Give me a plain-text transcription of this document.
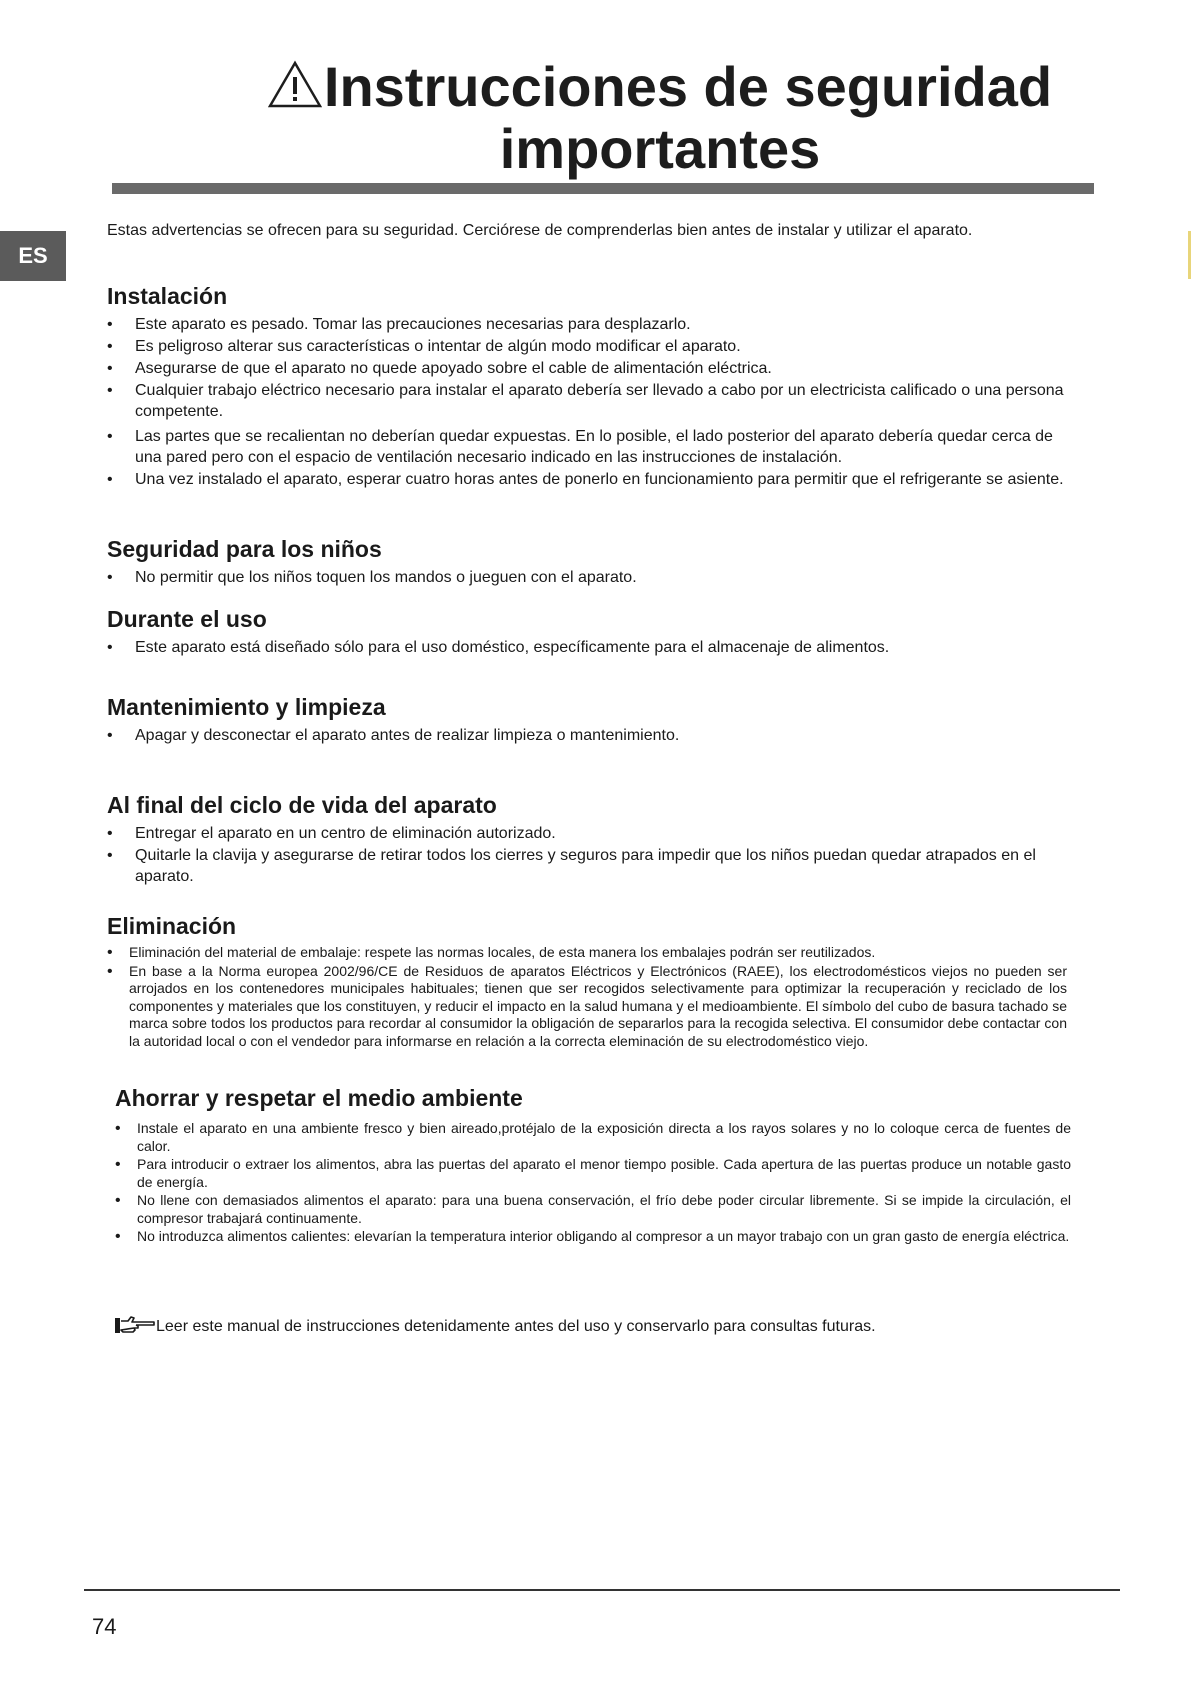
Instrucciones de seguridad
importantes
ES
Estas advertencias se ofrecen para su seguridad. Cerciórese de comprenderlas bien antes de instalar y utilizar el aparato.
Instalación
• Este aparato es pesado. Tomar las precauciones necesarias para desplazarlo.
• Es peligroso alterar sus características o intentar de algún modo modificar el aparato.
• Asegurarse de que el aparato no quede apoyado sobre el cable de alimentación eléctrica.
• Cualquier trabajo eléctrico necesario para instalar el aparato debería ser llevado a cabo por un electricista calificado o una persona competente.
• Las partes que se recalientan no deberían quedar expuestas. En lo posible, el lado posterior del aparato debería quedar cerca de una pared pero con el espacio de ventilación necesario indicado en las instrucciones de instalación.
• Una vez instalado el aparato, esperar cuatro horas antes de ponerlo en funcionamiento para permitir que el refrigerante se asiente.
Seguridad para los niños
• No permitir que los niños toquen los mandos o jueguen con el aparato.
Durante el uso
• Este aparato está diseñado sólo para el uso doméstico, específicamente para el almacenaje de alimentos.
Mantenimiento y limpieza
• Apagar y desconectar el aparato antes de realizar limpieza o mantenimiento.
Al final del ciclo de vida del aparato
• Entregar el aparato en un centro de eliminación autorizado.
• Quitarle la clavija y asegurarse de retirar todos los cierres y seguros para impedir que los niños puedan quedar atrapados en el aparato.
Eliminación
• Eliminación del material de embalaje: respete las normas locales, de esta manera los embalajes podrán ser reutilizados.
• En base a la Norma europea 2002/96/CE de Residuos de aparatos Eléctricos y Electrónicos (RAEE), los electrodomésticos viejos no pueden ser arrojados en los contenedores municipales habituales; tienen que ser recogidos selectivamente para optimizar la recuperación y reciclado de los componentes y materiales que los constituyen, y reducir el impacto en la salud humana y el medioambiente. El símbolo del cubo de basura tachado se marca sobre todos los productos para recordar al consumidor la obligación de separarlos para la recogida selectiva. El consumidor debe contactar con la autoridad local o con el vendedor para informarse en relación a la correcta eleminación de su electrodoméstico viejo.
Ahorrar y respetar el medio ambiente
• Instale el aparato en una ambiente fresco y bien aireado,protéjalo de la exposición directa a los rayos solares y no lo coloque cerca de fuentes de calor.
• Para introducir o extraer los alimentos, abra las puertas del aparato el menor tiempo posible. Cada apertura de las puertas produce un notable gasto de energía.
• No llene con demasiados alimentos el aparato: para una buena conservación, el frío debe poder circular libremente. Si se impide la circulación, el compresor trabajará continuamente.
• No introduzca alimentos calientes: elevarían la temperatura interior obligando al compresor a un mayor trabajo con un gran gasto de energía eléctrica.
Leer este manual de instrucciones detenidamente antes del uso y conservarlo para consultas futuras.
74
